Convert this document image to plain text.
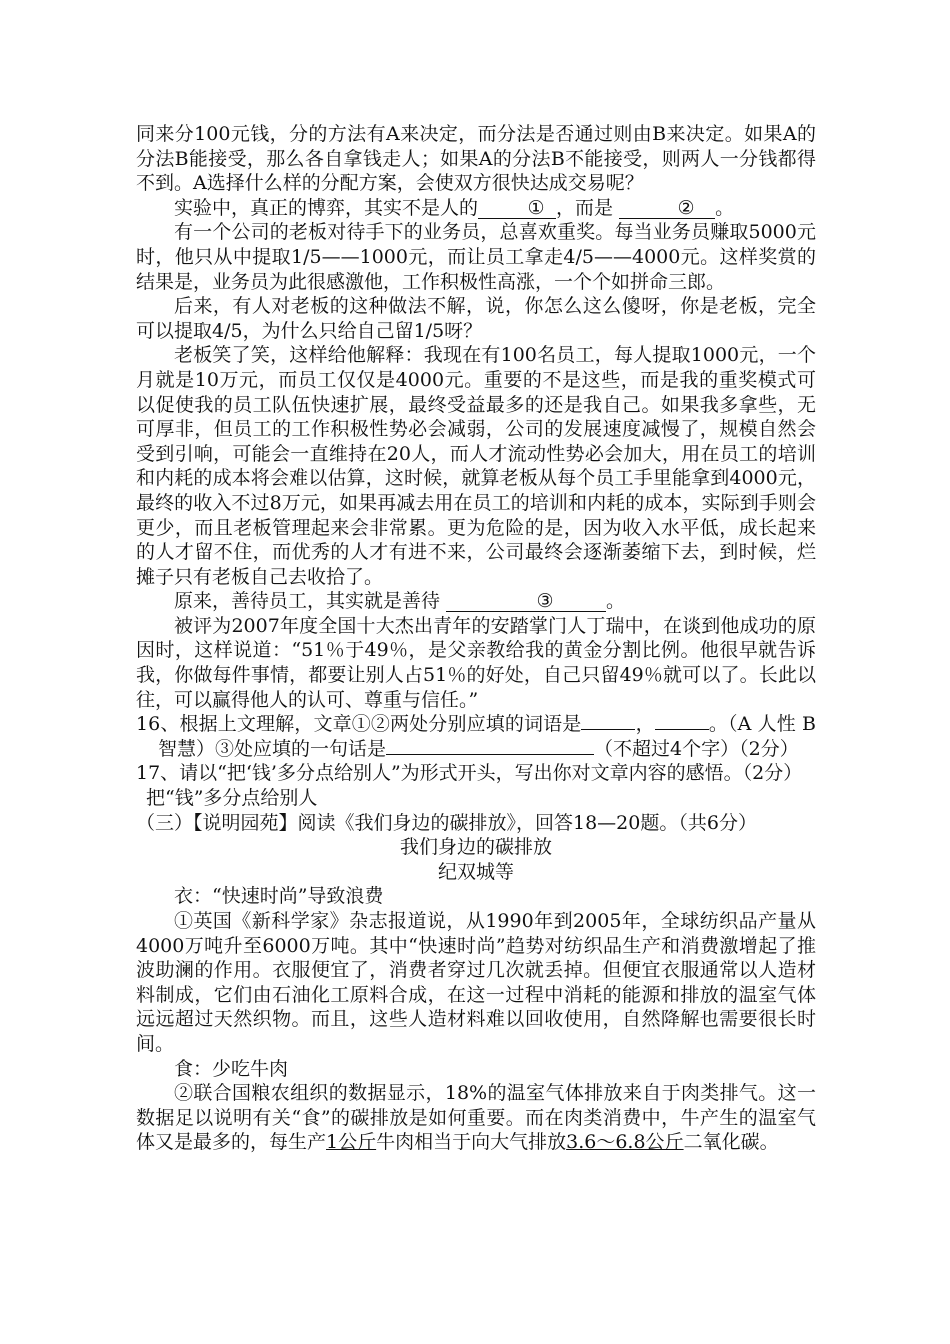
同来分100元钱，分的方法有A来决定，而分法是否通过则由B来决定。如果A的分法B能接受，那么各自拿钱走人；如果A的分法B不能接受，则两人一分钱都得不到。A选择什么样的分配方案，会使双方很快达成交易呢？

实验中，真正的博弈，其实不是人的	① ，而是	② 。

有一个公司的老板对待手下的业务员，总喜欢重奖。每当业务员赚取5000元时，他只从中提取1/5——1000元，而让员工拿走4/5——4000元。这样奖赏的结果是，业务员为此很感激他，工作积极性高涨，一个个如拼命三郎。

后来，有人对老板的这种做法不解，说，你怎么这么傻呀，你是老板，完全可以提取4/5，为什么只给自己留1/5呀？

老板笑了笑，这样给他解释：我现在有100名员工，每人提取1000元，一个月就是10万元，而员工仅仅是4000元。重要的不是这些，而是我的重奖模式可以促使我的员工队伍快速扩展，最终受益最多的还是我自己。如果我多拿些，无可厚非，但员工的工作积极性势必会减弱，公司的发展速度减慢了，规模自然会受到引响，可能会一直维持在20人，而人才流动性势必会加大，用在员工的培训和内耗的成本将会难以估算，这时候，就算老板从每个员工手里能拿到4000元，最终的收入不过8万元，如果再减去用在员工的培训和内耗的成本，实际到手则会更少，而且老板管理起来会非常累。更为危险的是，因为收入水平低，成长起来的人才留不住，而优秀的人才有进不来，公司最终会逐渐萎缩下去，到时候，烂摊子只有老板自己去收拾了。

原来，善待员工，其实就是善待	③	。

被评为2007年度全国十大杰出青年的安踏掌门人丁瑞中，在谈到他成功的原因时，这样说道：“51％于49％，是父亲教给我的黄金分割比例。他很早就告诉我，你做每件事情，都要让别人占51％的好处，自己只留49％就可以了。长此以往，可以赢得他人的认可、尊重与信任。”

16、根据上文理解，文章①②两处分别应填的词语是	，	。（A 人性 B 智慧）③处应填的一句话是	（不超过4个字）（2分）

17、请以“把‘钱’多分点给别人”为形式开头，写出你对文章内容的感悟。（2分）

把“钱”多分点给别人

（三）【说明园苑】阅读《我们身边的碳排放》，回答18—20题。（共6分）

我们身边的碳排放

纪双城等

衣：“快速时尚”导致浪费

①英国《新科学家》杂志报道说，从1990年到2005年，全球纺织品产量从4000万吨升至6000万吨。其中“快速时尚”趋势对纺织品生产和消费激增起了推波助澜的作用。衣服便宜了，消费者穿过几次就丢掉。但便宜衣服通常以人造材料制成，它们由石油化工原料合成，在这一过程中消耗的能源和排放的温室气体远远超过天然织物。而且，这些人造材料难以回收使用，自然降解也需要很长时间。

食：少吃牛肉

②联合国粮农组织的数据显示，18%的温室气体排放来自于肉类排气。这一数据足以说明有关“食”的碳排放是如何重要。而在肉类消费中，牛产生的温室气体又是最多的，每生产1公斤牛肉相当于向大气排放3.6～6.8公斤二氧化碳。
